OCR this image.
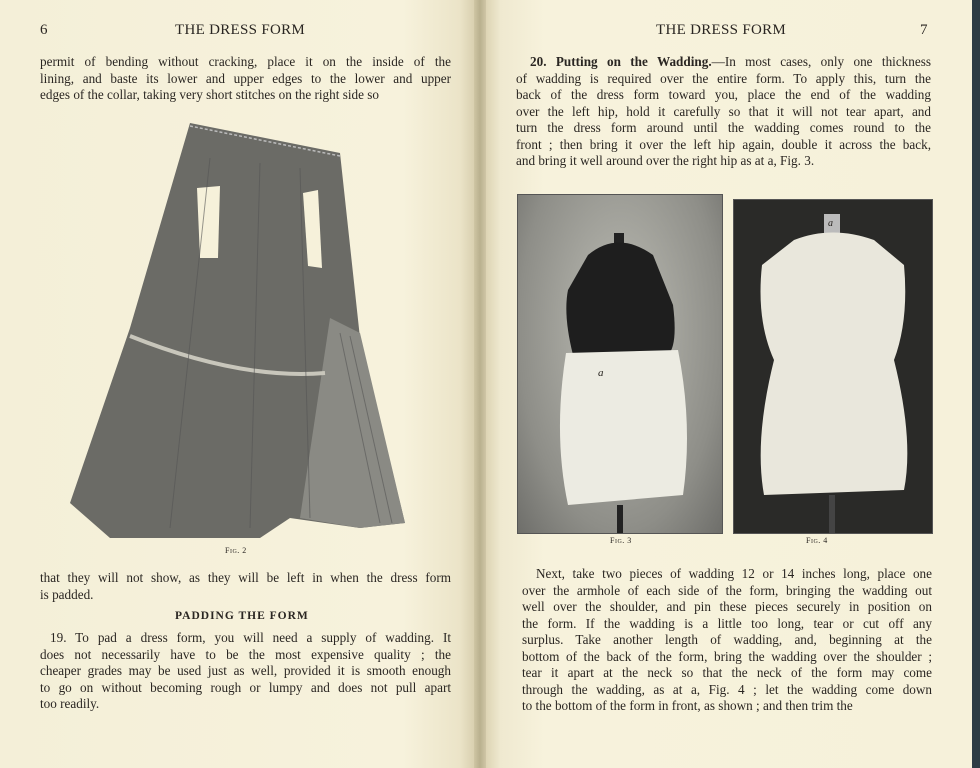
6	THE DRESS FORM
permit of bending without cracking, place it on the inside of the
lining, and baste its lower and upper edges to the lower and upper
edges of the collar, taking very short stitches on the right side so
Fig. 2
that they will not show, as they will be left in when the dress form
is padded.
PADDING THE FORM
19. To pad a dress form, you will need a supply of wadding. It
does not necessarily have to be the most expensive quality ; the
cheaper grades may be used just as well, provided it is smooth enough
to go on without becoming rough or lumpy and does not pull apart
too readily.
THE DRESS FORM	7
20. Putting on the Wadding.—In most cases, only one thickness
of wadding is required over the entire form. To apply this, turn the
back of the dress form toward you, place the end of the wadding
over the left hip, hold it carefully so that it will not tear apart, and
turn the dress form around until the wadding comes round to the
front ; then bring it over the left hip again, double it across the back,
and bring it well around over the right hip as at a, Fig. 3.
a
a
Fig. 3	Fig. 4
Next, take two pieces of wadding 12 or 14 inches long, place one
over the armhole of each side of the form, bringing the wadding out
well over the shoulder, and pin these pieces securely in position on
the form. If the wadding is a little too long, tear or cut off any
surplus. Take another length of wadding, and, beginning at the
bottom of the back of the form, bring the wadding over the shoulder ;
tear it apart at the neck so that the neck of the form may come
through the wadding, as at a, Fig. 4 ; let the wadding come down
to the bottom of the form in front, as shown ; and then trim the
